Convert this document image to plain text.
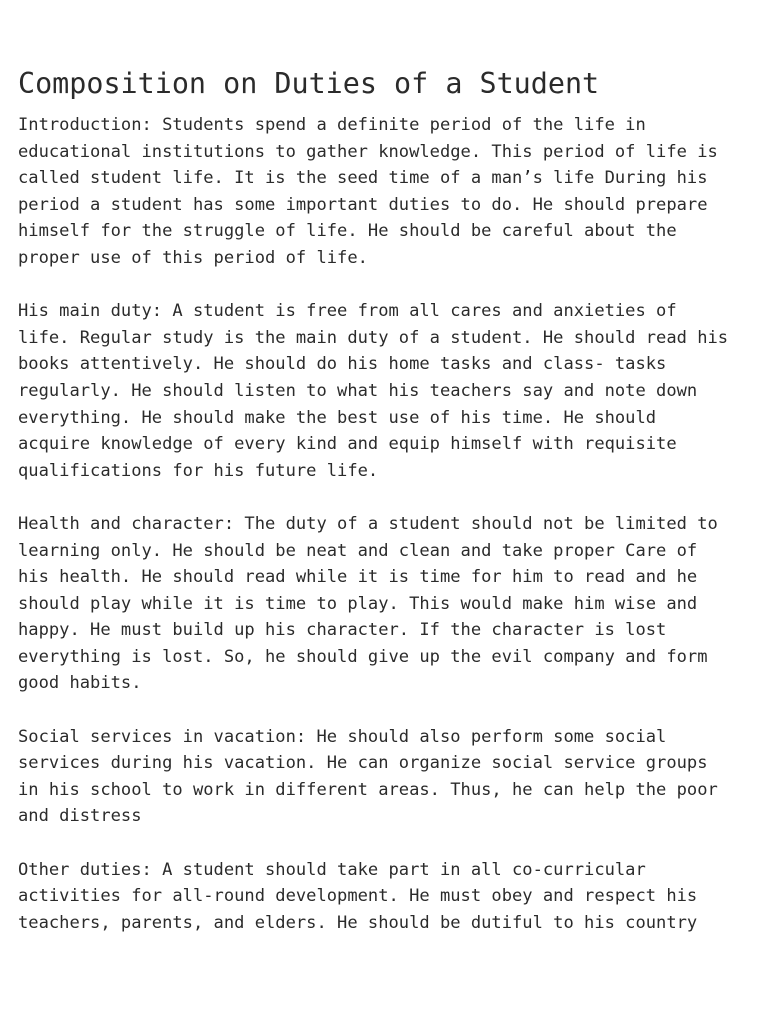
Composition on Duties of a Student

Introduction: Students spend a definite period of the life in
educational institutions to gather knowledge. This period of life is
called student life. It is the seed time of a man’s life During his
period a student has some important duties to do. He should prepare
himself for the struggle of life. He should be careful about the
proper use of this period of life.

His main duty: A student is free from all cares and anxieties of
life. Regular study is the main duty of a student. He should read his
books attentively. He should do his home tasks and class- tasks
regularly. He should listen to what his teachers say and note down
everything. He should make the best use of his time. He should
acquire knowledge of every kind and equip himself with requisite
qualifications for his future life.

Health and character: The duty of a student should not be limited to
learning only. He should be neat and clean and take proper Care of
his health. He should read while it is time for him to read and he
should play while it is time to play. This would make him wise and
happy. He must build up his character. If the character is lost
everything is lost. So, he should give up the evil company and form
good habits.

Social services in vacation: He should also perform some social
services during his vacation. He can organize social service groups
in his school to work in different areas. Thus, he can help the poor
and distress

Other duties: A student should take part in all co-curricular
activities for all-round development. He must obey and respect his
teachers, parents, and elders. He should be dutiful to his country
